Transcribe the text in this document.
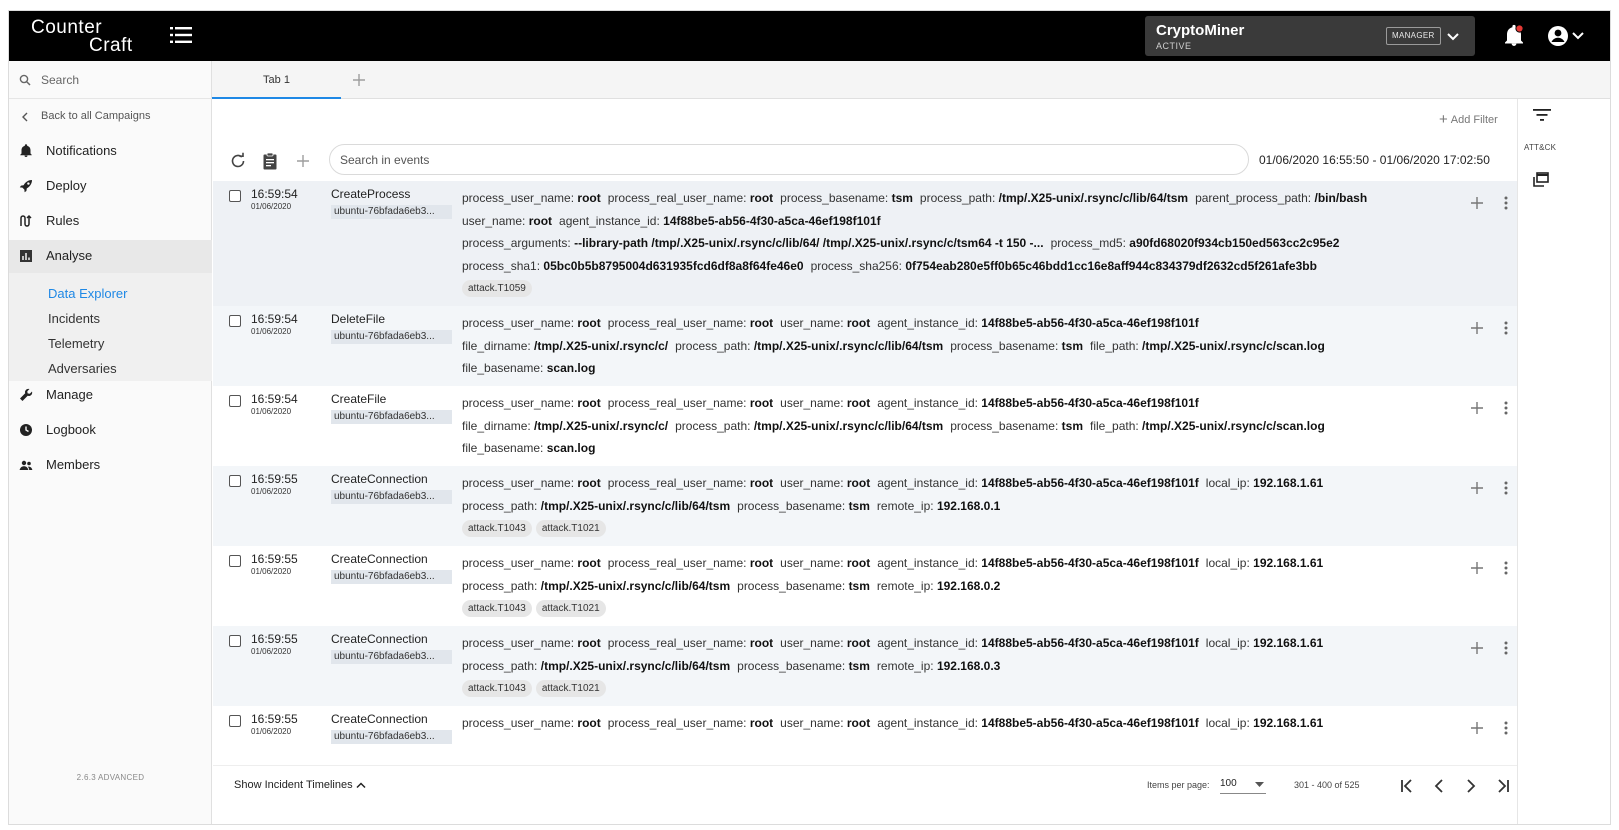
Counter
Craft
CryptoMiner
ACTIVE
MANAGER
Search
Back to all Campaigns
Notifications
Deploy
Rules
Analyse
Data Explorer
Incidents
Telemetry
Adversaries
Manage
Logbook
Members
2.6.3 ADVANCED
Tab 1
ATT&CK
+ Add Filter
Search in events
01/06/2020 16:55:50 - 01/06/2020 17:02:50
16:59:54
01/06/2020
CreateProcess
ubuntu-76bfada6eb3...
process_user_name: root process_real_user_name: root process_basename: tsm process_path: /tmp/.X25-unix/.rsync/c/lib/64/tsm parent_process_path: /bin/bash
user_name: root agent_instance_id: 14f88be5-ab56-4f30-a5ca-46ef198f101f
process_arguments: --library-path /tmp/.X25-unix/.rsync/c/lib/64/ /tmp/.X25-unix/.rsync/c/tsm64 -t 150 -... process_md5: a90fd68020f934cb150ed563cc2c95e2
process_sha1: 05bc0b5b8795004d631935fcd6df8a8f64fe46e0 process_sha256: 0f754eab280e5ff0b65c46bdd1cc16e8aff944c834379df2632cd5f261afe3bb
attack.T1059
16:59:54
01/06/2020
DeleteFile
ubuntu-76bfada6eb3...
process_user_name: root process_real_user_name: root user_name: root agent_instance_id: 14f88be5-ab56-4f30-a5ca-46ef198f101f
file_dirname: /tmp/.X25-unix/.rsync/c/ process_path: /tmp/.X25-unix/.rsync/c/lib/64/tsm process_basename: tsm file_path: /tmp/.X25-unix/.rsync/c/scan.log
file_basename: scan.log
16:59:54
01/06/2020
CreateFile
ubuntu-76bfada6eb3...
process_user_name: root process_real_user_name: root user_name: root agent_instance_id: 14f88be5-ab56-4f30-a5ca-46ef198f101f
file_dirname: /tmp/.X25-unix/.rsync/c/ process_path: /tmp/.X25-unix/.rsync/c/lib/64/tsm process_basename: tsm file_path: /tmp/.X25-unix/.rsync/c/scan.log
file_basename: scan.log
16:59:55
01/06/2020
CreateConnection
ubuntu-76bfada6eb3...
process_user_name: root process_real_user_name: root user_name: root agent_instance_id: 14f88be5-ab56-4f30-a5ca-46ef198f101f local_ip: 192.168.1.61
process_path: /tmp/.X25-unix/.rsync/c/lib/64/tsm process_basename: tsm remote_ip: 192.168.0.1
attack.T1043 attack.T1021
16:59:55
01/06/2020
CreateConnection
ubuntu-76bfada6eb3...
process_user_name: root process_real_user_name: root user_name: root agent_instance_id: 14f88be5-ab56-4f30-a5ca-46ef198f101f local_ip: 192.168.1.61
process_path: /tmp/.X25-unix/.rsync/c/lib/64/tsm process_basename: tsm remote_ip: 192.168.0.2
attack.T1043 attack.T1021
16:59:55
01/06/2020
CreateConnection
ubuntu-76bfada6eb3...
process_user_name: root process_real_user_name: root user_name: root agent_instance_id: 14f88be5-ab56-4f30-a5ca-46ef198f101f local_ip: 192.168.1.61
process_path: /tmp/.X25-unix/.rsync/c/lib/64/tsm process_basename: tsm remote_ip: 192.168.0.3
attack.T1043 attack.T1021
16:59:55
01/06/2020
CreateConnection
ubuntu-76bfada6eb3...
process_user_name: root process_real_user_name: root user_name: root agent_instance_id: 14f88be5-ab56-4f30-a5ca-46ef198f101f local_ip: 192.168.1.61
Show Incident Timelines	Items per page: 100	301 - 400 of 525
